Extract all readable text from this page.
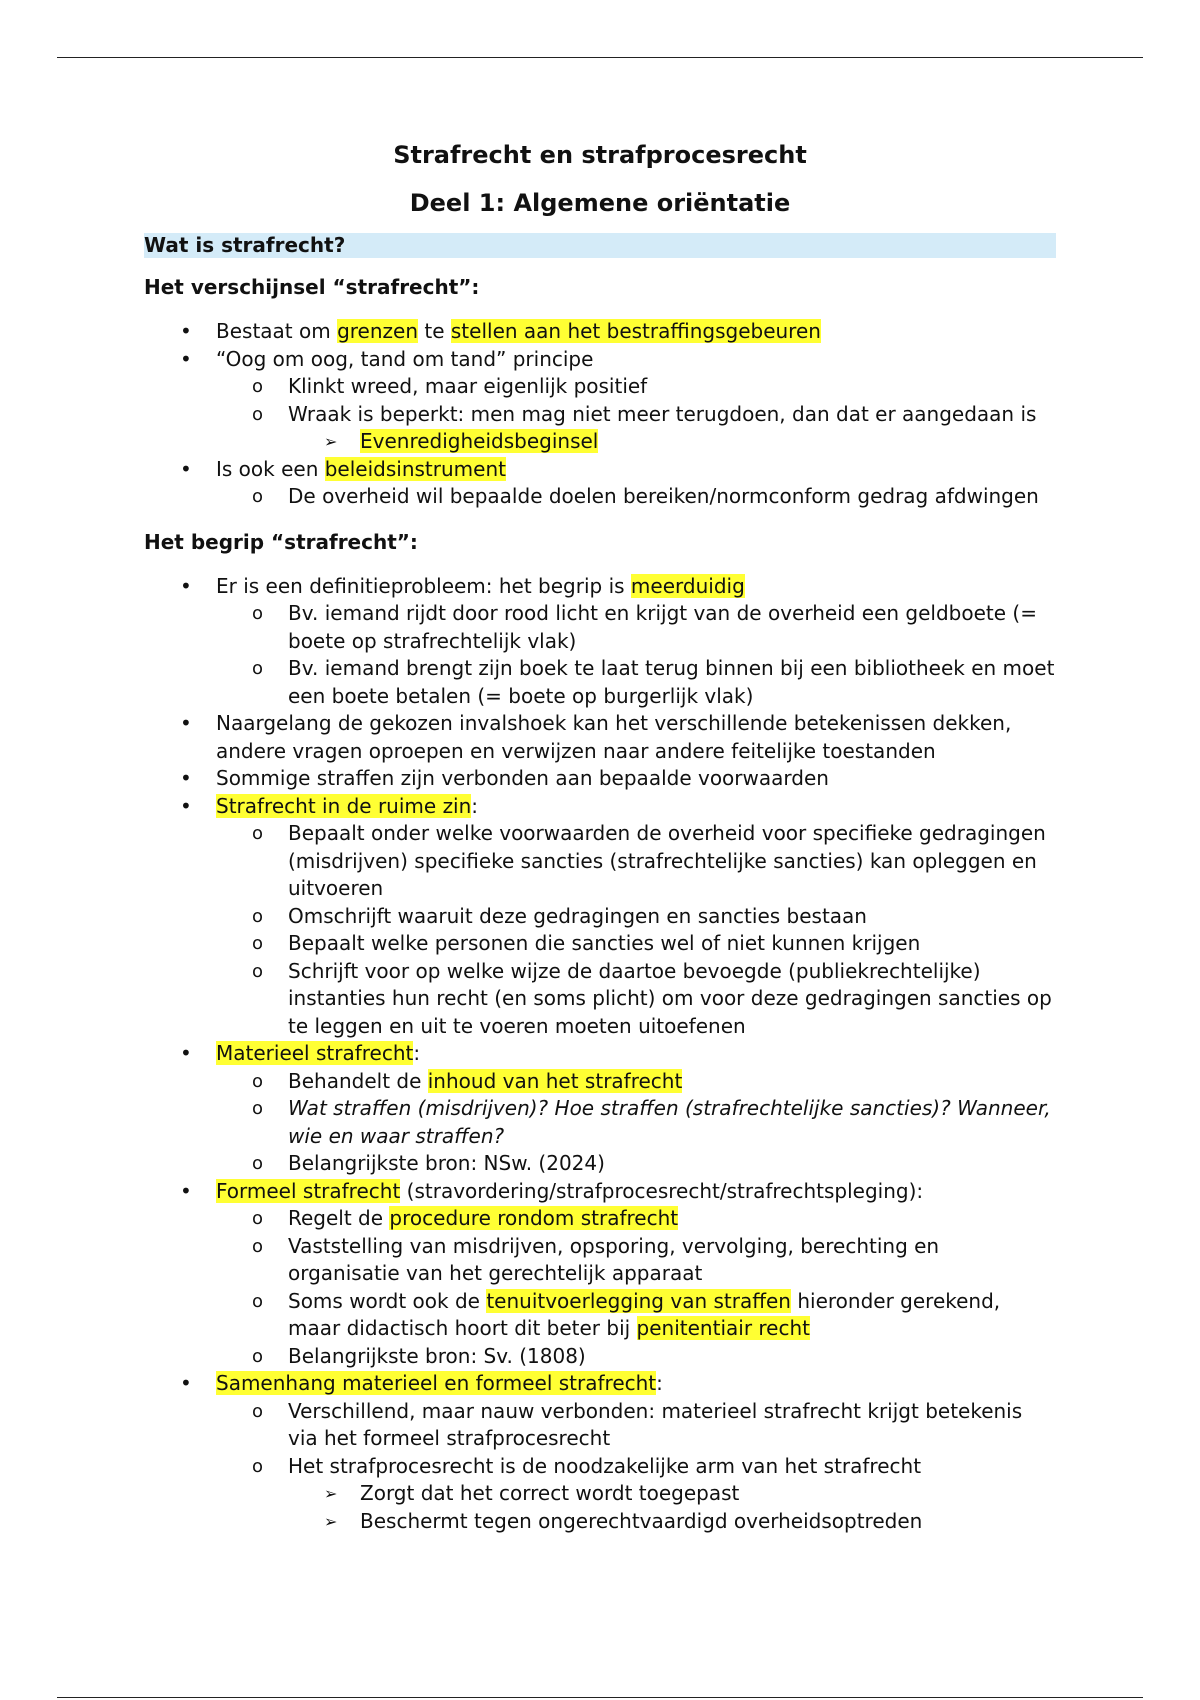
Strafrecht en strafprocesrecht
Deel 1: Algemene oriëntatie
Wat is strafrecht?
Het verschijnsel “strafrecht”:
• Bestaat om grenzen te stellen aan het bestraffingsgebeuren
• “Oog om oog, tand om tand” principe
o Klinkt wreed, maar eigenlijk positief
o Wraak is beperkt: men mag niet meer terugdoen, dan dat er aangedaan is
➢ Evenredigheidsbeginsel
• Is ook een beleidsinstrument
o De overheid wil bepaalde doelen bereiken/normconform gedrag afdwingen
Het begrip “strafrecht”:
• Er is een definitieprobleem: het begrip is meerduidig
o Bv. iemand rijdt door rood licht en krijgt van de overheid een geldboete (= boete op strafrechtelijk vlak)
o Bv. iemand brengt zijn boek te laat terug binnen bij een bibliotheek en moet een boete betalen (= boete op burgerlijk vlak)
• Naargelang de gekozen invalshoek kan het verschillende betekenissen dekken, andere vragen oproepen en verwijzen naar andere feitelijke toestanden
• Sommige straffen zijn verbonden aan bepaalde voorwaarden
• Strafrecht in de ruime zin:
o Bepaalt onder welke voorwaarden de overheid voor specifieke gedragingen (misdrijven) specifieke sancties (strafrechtelijke sancties) kan opleggen en uitvoeren
o Omschrijft waaruit deze gedragingen en sancties bestaan
o Bepaalt welke personen die sancties wel of niet kunnen krijgen
o Schrijft voor op welke wijze de daartoe bevoegde (publiekrechtelijke) instanties hun recht (en soms plicht) om voor deze gedragingen sancties op te leggen en uit te voeren moeten uitoefenen
• Materieel strafrecht:
o Behandelt de inhoud van het strafrecht
o Wat straffen (misdrijven)? Hoe straffen (strafrechtelijke sancties)? Wanneer, wie en waar straffen?
o Belangrijkste bron: NSw. (2024)
• Formeel strafrecht (stravordering/strafprocesrecht/strafrechtspleging):
o Regelt de procedure rondom strafrecht
o Vaststelling van misdrijven, opsporing, vervolging, berechting en organisatie van het gerechtelijk apparaat
o Soms wordt ook de tenuitvoerlegging van straffen hieronder gerekend, maar didactisch hoort dit beter bij penitentiair recht
o Belangrijkste bron: Sv. (1808)
• Samenhang materieel en formeel strafrecht:
o Verschillend, maar nauw verbonden: materieel strafrecht krijgt betekenis via het formeel strafprocesrecht
o Het strafprocesrecht is de noodzakelijke arm van het strafrecht
➢ Zorgt dat het correct wordt toegepast
➢ Beschermt tegen ongerechtvaardigd overheidsoptreden
